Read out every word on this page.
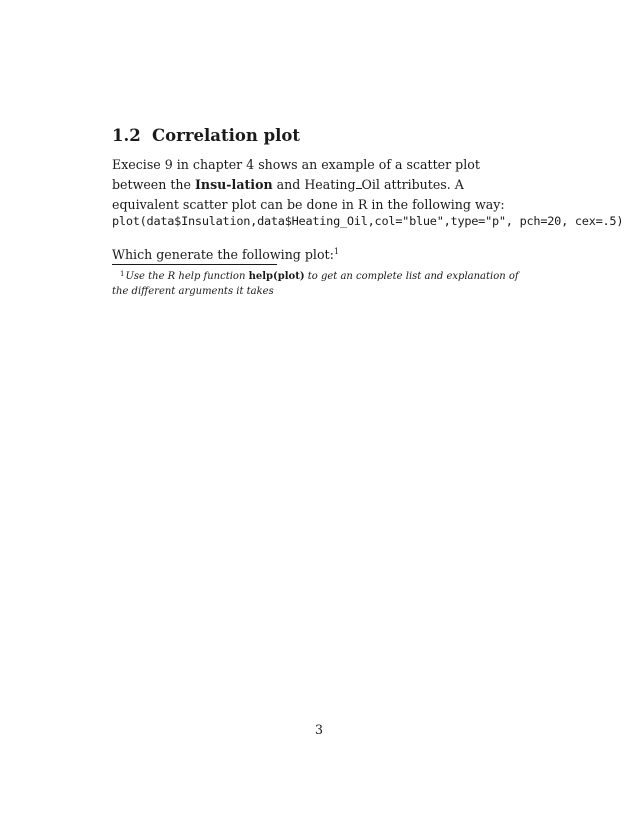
1.2 Correlation plot
Execise 9 in chapter 4 shows an example of a scatter plot between the Insu-lation and Heating Oil attributes. A equivalent scatter plot can be done in R in the following way:
plot(data$Insulation,data$Heating_Oil,col="blue",type="p", pch=20, cex=.5)
Which generate the following plot:$^1$
$^1$Use the R help function help(plot) to get an complete list and explanation of the different arguments it takes
3
